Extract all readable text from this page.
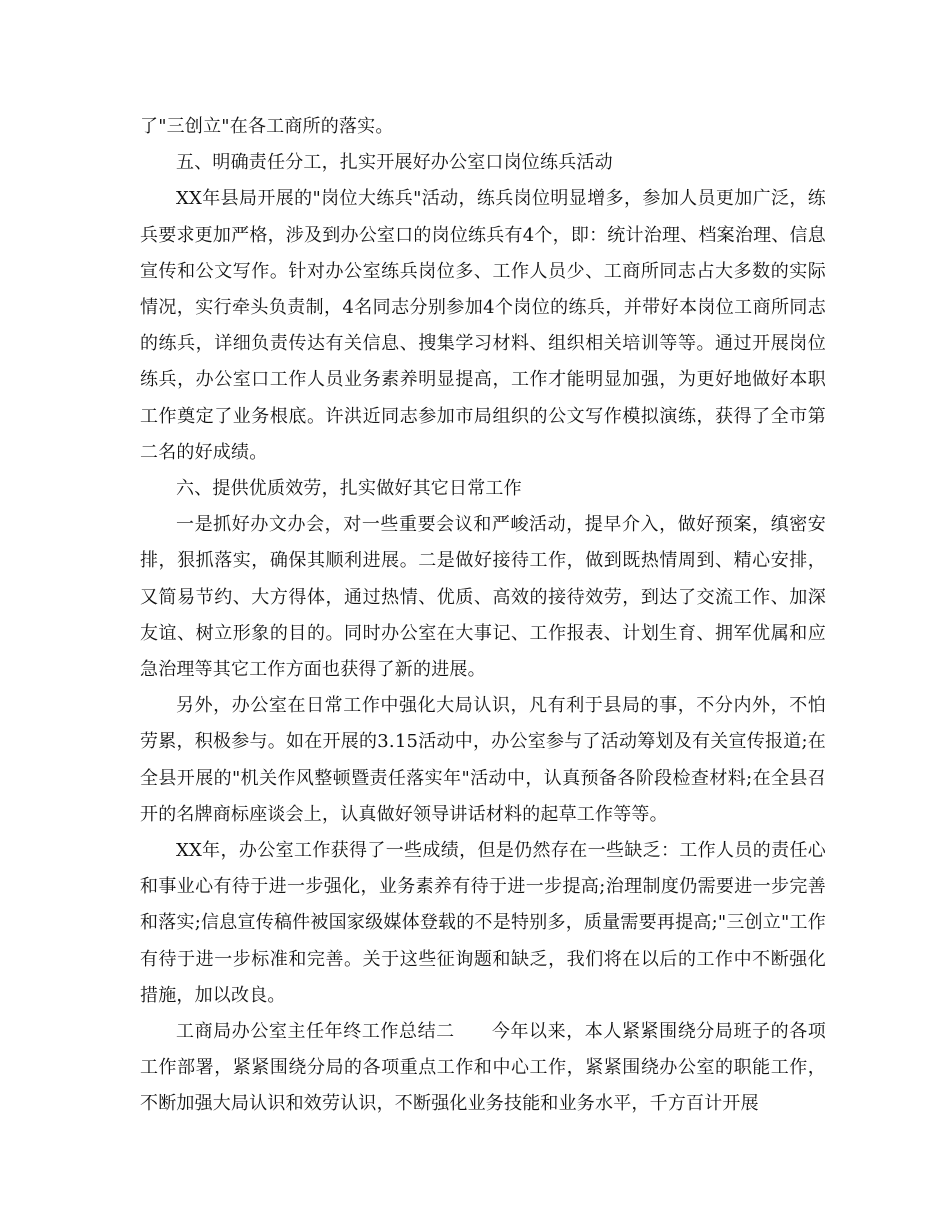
了"三创立"在各工商所的落实。

五、明确责任分工，扎实开展好办公室口岗位练兵活动

XX年县局开展的"岗位大练兵"活动，练兵岗位明显增多，参加人员更加广泛，练兵要求更加严格，涉及到办公室口的岗位练兵有4个，即：统计治理、档案治理、信息宣传和公文写作。针对办公室练兵岗位多、工作人员少、工商所同志占大多数的实际情况，实行牵头负责制，4名同志分别参加4个岗位的练兵，并带好本岗位工商所同志的练兵，详细负责传达有关信息、搜集学习材料、组织相关培训等等。通过开展岗位练兵，办公室口工作人员业务素养明显提高，工作才能明显加强，为更好地做好本职工作奠定了业务根底。许洪近同志参加市局组织的公文写作模拟演练，获得了全市第二名的好成绩。

六、提供优质效劳，扎实做好其它日常工作

一是抓好办文办会，对一些重要会议和严峻活动，提早介入，做好预案，缜密安排，狠抓落实，确保其顺利进展。二是做好接待工作，做到既热情周到、精心安排，又简易节约、大方得体，通过热情、优质、高效的接待效劳，到达了交流工作、加深友谊、树立形象的目的。同时办公室在大事记、工作报表、计划生育、拥军优属和应急治理等其它工作方面也获得了新的进展。

另外，办公室在日常工作中强化大局认识，凡有利于县局的事，不分内外，不怕劳累，积极参与。如在开展的3.15活动中，办公室参与了活动筹划及有关宣传报道;在全县开展的"机关作风整顿暨责任落实年"活动中，认真预备各阶段检查材料;在全县召开的名牌商标座谈会上，认真做好领导讲话材料的起草工作等等。

XX年，办公室工作获得了一些成绩，但是仍然存在一些缺乏：工作人员的责任心和事业心有待于进一步强化，业务素养有待于进一步提高;治理制度仍需要进一步完善和落实;信息宣传稿件被国家级媒体登载的不是特别多，质量需要再提高;"三创立"工作有待于进一步标准和完善。关于这些征询题和缺乏，我们将在以后的工作中不断强化措施，加以改良。

工商局办公室主任年终工作总结二　　今年以来，本人紧紧围绕分局班子的各项工作部署，紧紧围绕分局的各项重点工作和中心工作，紧紧围绕办公室的职能工作，不断加强大局认识和效劳认识，不断强化业务技能和业务水平，千方百计开展
